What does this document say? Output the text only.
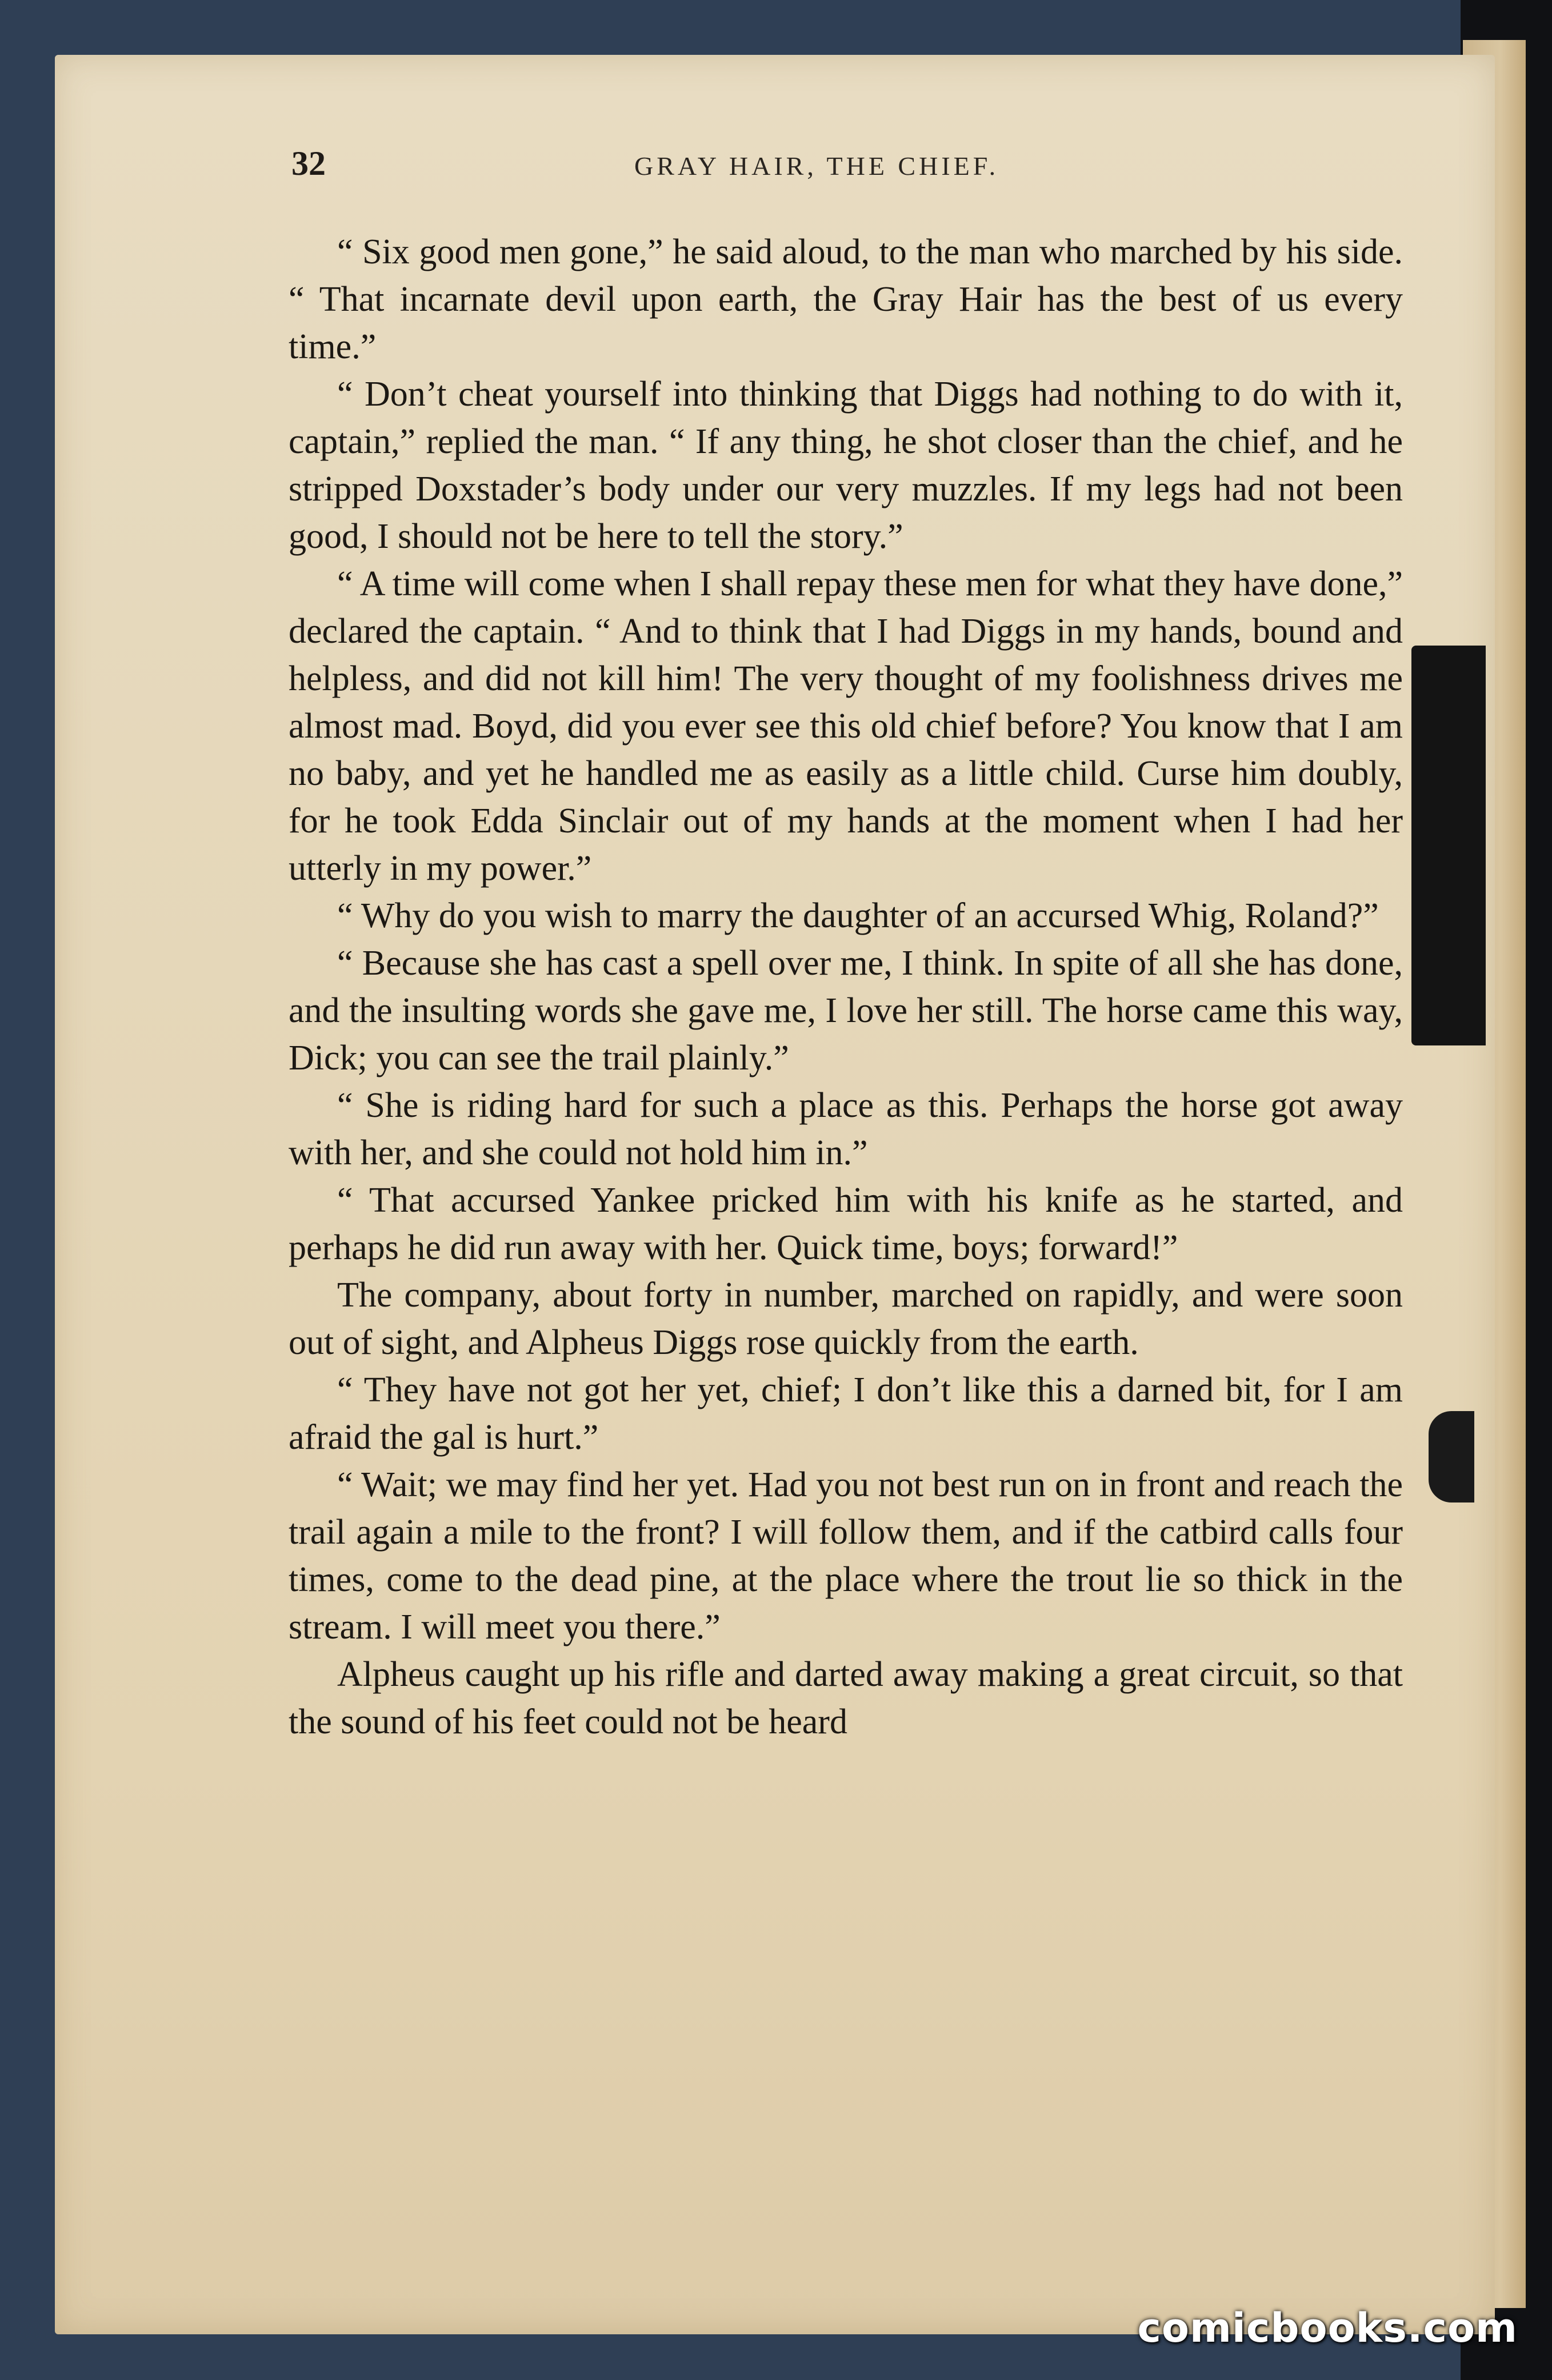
32	GRAY HAIR, THE CHIEF.

“ Six good men gone,” he said aloud, to the man who marched by his side. “ That incarnate devil upon earth, the Gray Hair has the best of us every time.”

“ Don’t cheat yourself into thinking that Diggs had nothing to do with it, captain,” replied the man. “ If any thing, he shot closer than the chief, and he stripped Doxstader’s body under our very muzzles. If my legs had not been good, I should not be here to tell the story.”

“ A time will come when I shall repay these men for what they have done,” declared the captain. “ And to think that I had Diggs in my hands, bound and helpless, and did not kill him! The very thought of my foolishness drives me almost mad. Boyd, did you ever see this old chief before? You know that I am no baby, and yet he handled me as easily as a little child. Curse him doubly, for he took Edda Sinclair out of my hands at the moment when I had her utterly in my power.”

“ Why do you wish to marry the daughter of an accursed Whig, Roland?”

“ Because she has cast a spell over me, I think. In spite of all she has done, and the insulting words she gave me, I love her still. The horse came this way, Dick; you can see the trail plainly.”

“ She is riding hard for such a place as this. Perhaps the horse got away with her, and she could not hold him in.”

“ That accursed Yankee pricked him with his knife as he started, and perhaps he did run away with her. Quick time, boys; forward!”

The company, about forty in number, marched on rapidly, and were soon out of sight, and Alpheus Diggs rose quickly from the earth.

“ They have not got her yet, chief; I don’t like this a darned bit, for I am afraid the gal is hurt.”

“ Wait; we may find her yet. Had you not best run on in front and reach the trail again a mile to the front? I will follow them, and if the catbird calls four times, come to the dead pine, at the place where the trout lie so thick in the stream. I will meet you there.”

Alpheus caught up his rifle and darted away making a great circuit, so that the sound of his feet could not be heard

comicbooks.com
